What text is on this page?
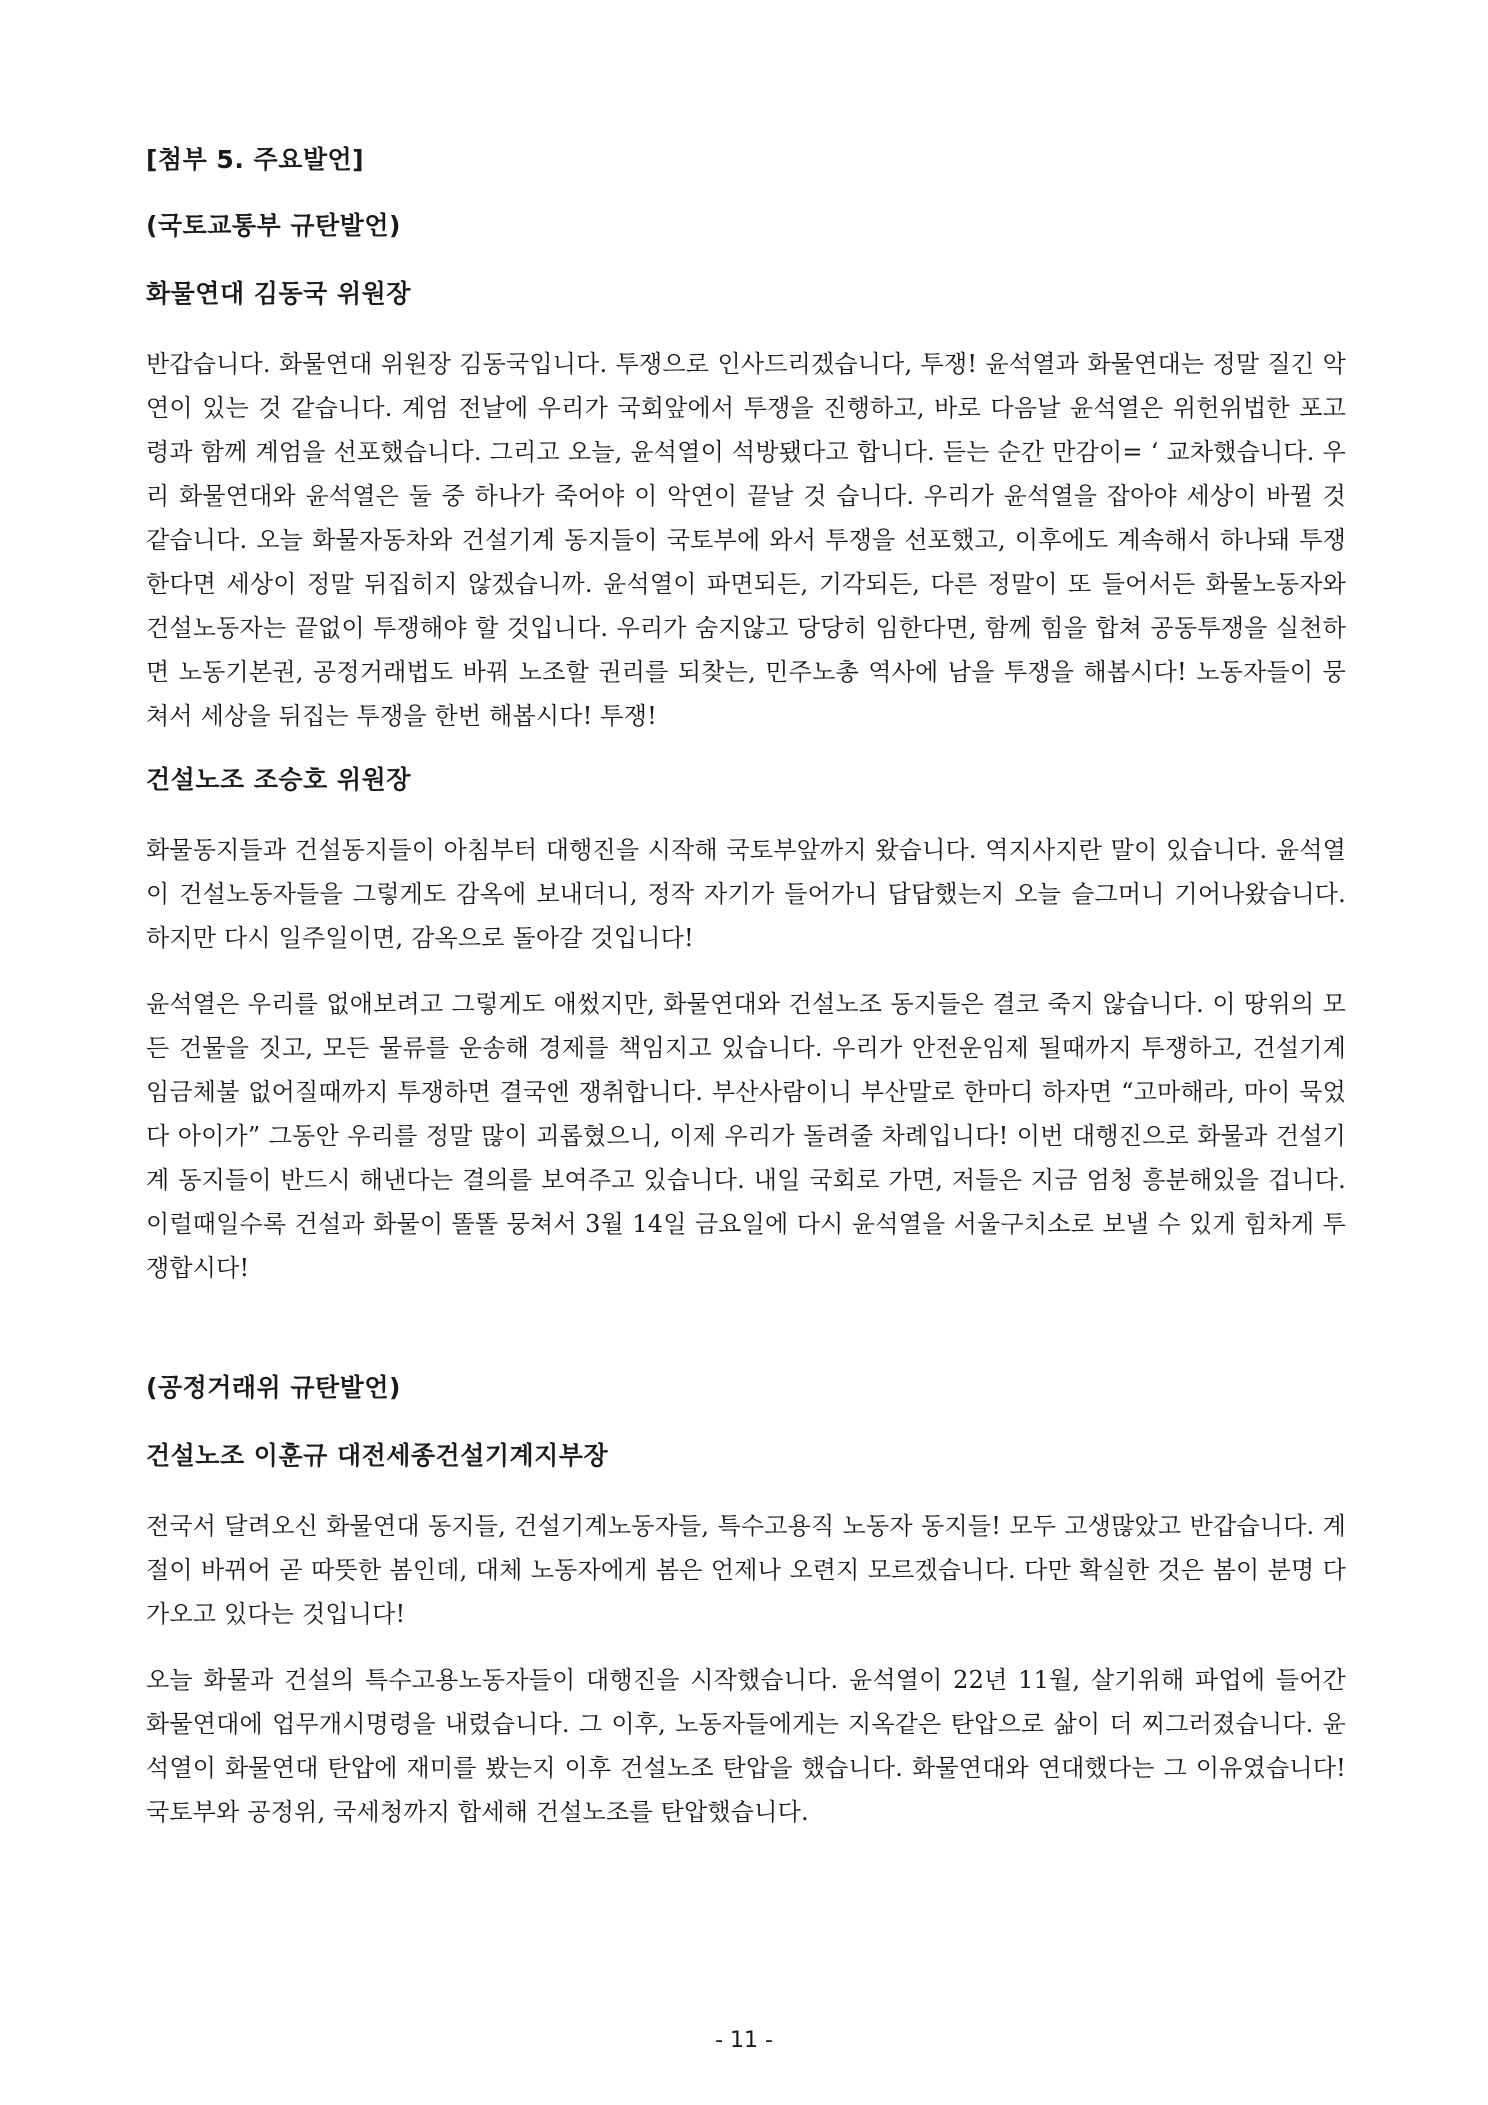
[첨부 5. 주요발언]
(국토교통부 규탄발언)
화물연대 김동국 위원장

반갑습니다. 화물연대 위원장 김동국입니다. 투쟁으로 인사드리겠습니다, 투쟁! 윤석열과 화물연대는 정말 질긴 악연이 있는 것 같습니다. 계엄 전날에 우리가 국회앞에서 투쟁을 진행하고, 바로 다음날 윤석열은 위헌위법한 포고령과 함께 계엄을 선포했습니다. 그리고 오늘, 윤석열이 석방됐다고 합니다. 듣는 순간 만감이= ‘ 교차했습니다. 우리 화물연대와 윤석열은 둘 중 하나가 죽어야 이 악연이 끝날 것 습니다. 우리가 윤석열을 잡아야 세상이 바뀔 것 같습니다. 오늘 화물자동차와 건설기계 동지들이 국토부에 와서 투쟁을 선포했고, 이후에도 계속해서 하나돼 투쟁한다면 세상이 정말 뒤집히지 않겠습니까. 윤석열이 파면되든, 기각되든, 다른 정말이 또 들어서든 화물노동자와 건설노동자는 끝없이 투쟁해야 할 것입니다. 우리가 숨지않고 당당히 임한다면, 함께 힘을 합쳐 공동투쟁을 실천하면 노동기본권, 공정거래법도 바꿔 노조할 권리를 되찾는, 민주노총 역사에 남을 투쟁을 해봅시다! 노동자들이 뭉쳐서 세상을 뒤집는 투쟁을 한번 해봅시다! 투쟁!

건설노조 조승호 위원장

화물동지들과 건설동지들이 아침부터 대행진을 시작해 국토부앞까지 왔습니다. 역지사지란 말이 있습니다. 윤석열이 건설노동자들을 그렇게도 감옥에 보내더니, 정작 자기가 들어가니 답답했는지 오늘 슬그머니 기어나왔습니다. 하지만 다시 일주일이면, 감옥으로 돌아갈 것입니다!

윤석열은 우리를 없애보려고 그렇게도 애썼지만, 화물연대와 건설노조 동지들은 결코 죽지 않습니다. 이 땅위의 모든 건물을 짓고, 모든 물류를 운송해 경제를 책임지고 있습니다. 우리가 안전운임제 될때까지 투쟁하고, 건설기계 임금체불 없어질때까지 투쟁하면 결국엔 쟁취합니다. 부산사람이니 부산말로 한마디 하자면 “고마해라, 마이 묵었다 아이가” 그동안 우리를 정말 많이 괴롭혔으니, 이제 우리가 돌려줄 차례입니다! 이번 대행진으로 화물과 건설기계 동지들이 반드시 해낸다는 결의를 보여주고 있습니다. 내일 국회로 가면, 저들은 지금 엄청 흥분해있을 겁니다. 이럴때일수록 건설과 화물이 똘똘 뭉쳐서 3월 14일 금요일에 다시 윤석열을 서울구치소로 보낼 수 있게 힘차게 투쟁합시다!

(공정거래위 규탄발언)
건설노조 이훈규 대전세종건설기계지부장

전국서 달려오신 화물연대 동지들, 건설기계노동자들, 특수고용직 노동자 동지들! 모두 고생많았고 반갑습니다. 계절이 바뀌어 곧 따뜻한 봄인데, 대체 노동자에게 봄은 언제나 오련지 모르겠습니다. 다만 확실한 것은 봄이 분명 다가오고 있다는 것입니다!

오늘 화물과 건설의 특수고용노동자들이 대행진을 시작했습니다. 윤석열이 22년 11월, 살기위해 파업에 들어간 화물연대에 업무개시명령을 내렸습니다. 그 이후, 노동자들에게는 지옥같은 탄압으로 삶이 더 찌그러졌습니다. 윤석열이 화물연대 탄압에 재미를 봤는지 이후 건설노조 탄압을 했습니다. 화물연대와 연대했다는 그 이유였습니다! 국토부와 공정위, 국세청까지 합세해 건설노조를 탄압했습니다.

- 11 -
